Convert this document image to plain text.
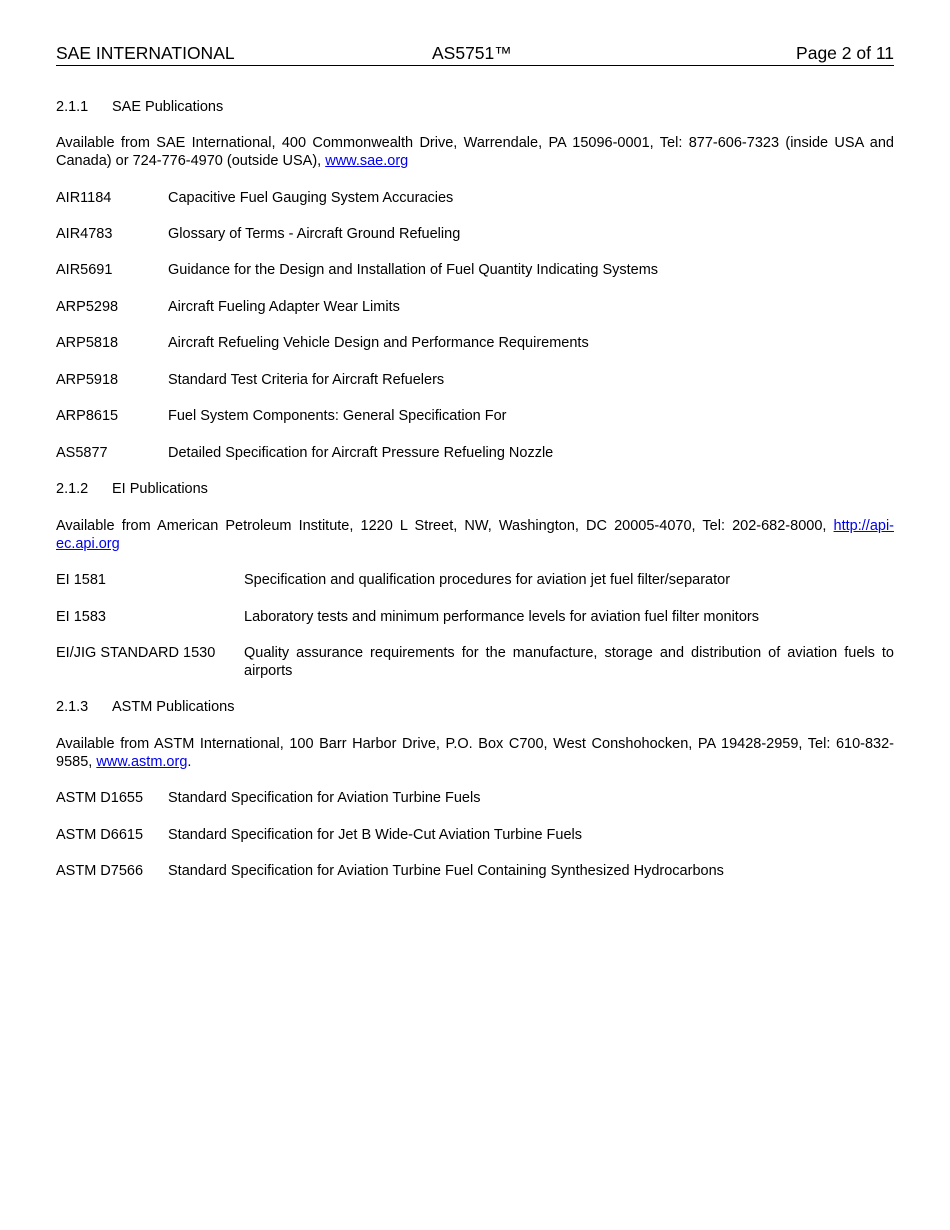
SAE INTERNATIONAL	AS5751™	Page 2 of 11
2.1.1 SAE Publications
Available from SAE International, 400 Commonwealth Drive, Warrendale, PA 15096-0001, Tel: 877-606-7323 (inside USA and Canada) or 724-776-4970 (outside USA), www.sae.org
AIR1184	Capacitive Fuel Gauging System Accuracies
AIR4783	Glossary of Terms - Aircraft Ground Refueling
AIR5691	Guidance for the Design and Installation of Fuel Quantity Indicating Systems
ARP5298	Aircraft Fueling Adapter Wear Limits
ARP5818	Aircraft Refueling Vehicle Design and Performance Requirements
ARP5918	Standard Test Criteria for Aircraft Refuelers
ARP8615	Fuel System Components: General Specification For
AS5877	Detailed Specification for Aircraft Pressure Refueling Nozzle
2.1.2 EI Publications
Available from American Petroleum Institute, 1220 L Street, NW, Washington, DC 20005-4070, Tel: 202-682-8000, http://api-ec.api.org
EI 1581	Specification and qualification procedures for aviation jet fuel filter/separator
EI 1583	Laboratory tests and minimum performance levels for aviation fuel filter monitors
EI/JIG STANDARD 1530 Quality assurance requirements for the manufacture, storage and distribution of aviation fuels to airports
2.1.3 ASTM Publications
Available from ASTM International, 100 Barr Harbor Drive, P.O. Box C700, West Conshohocken, PA 19428-2959, Tel: 610-832-9585, www.astm.org.
ASTM D1655 Standard Specification for Aviation Turbine Fuels
ASTM D6615 Standard Specification for Jet B Wide-Cut Aviation Turbine Fuels
ASTM D7566 Standard Specification for Aviation Turbine Fuel Containing Synthesized Hydrocarbons
